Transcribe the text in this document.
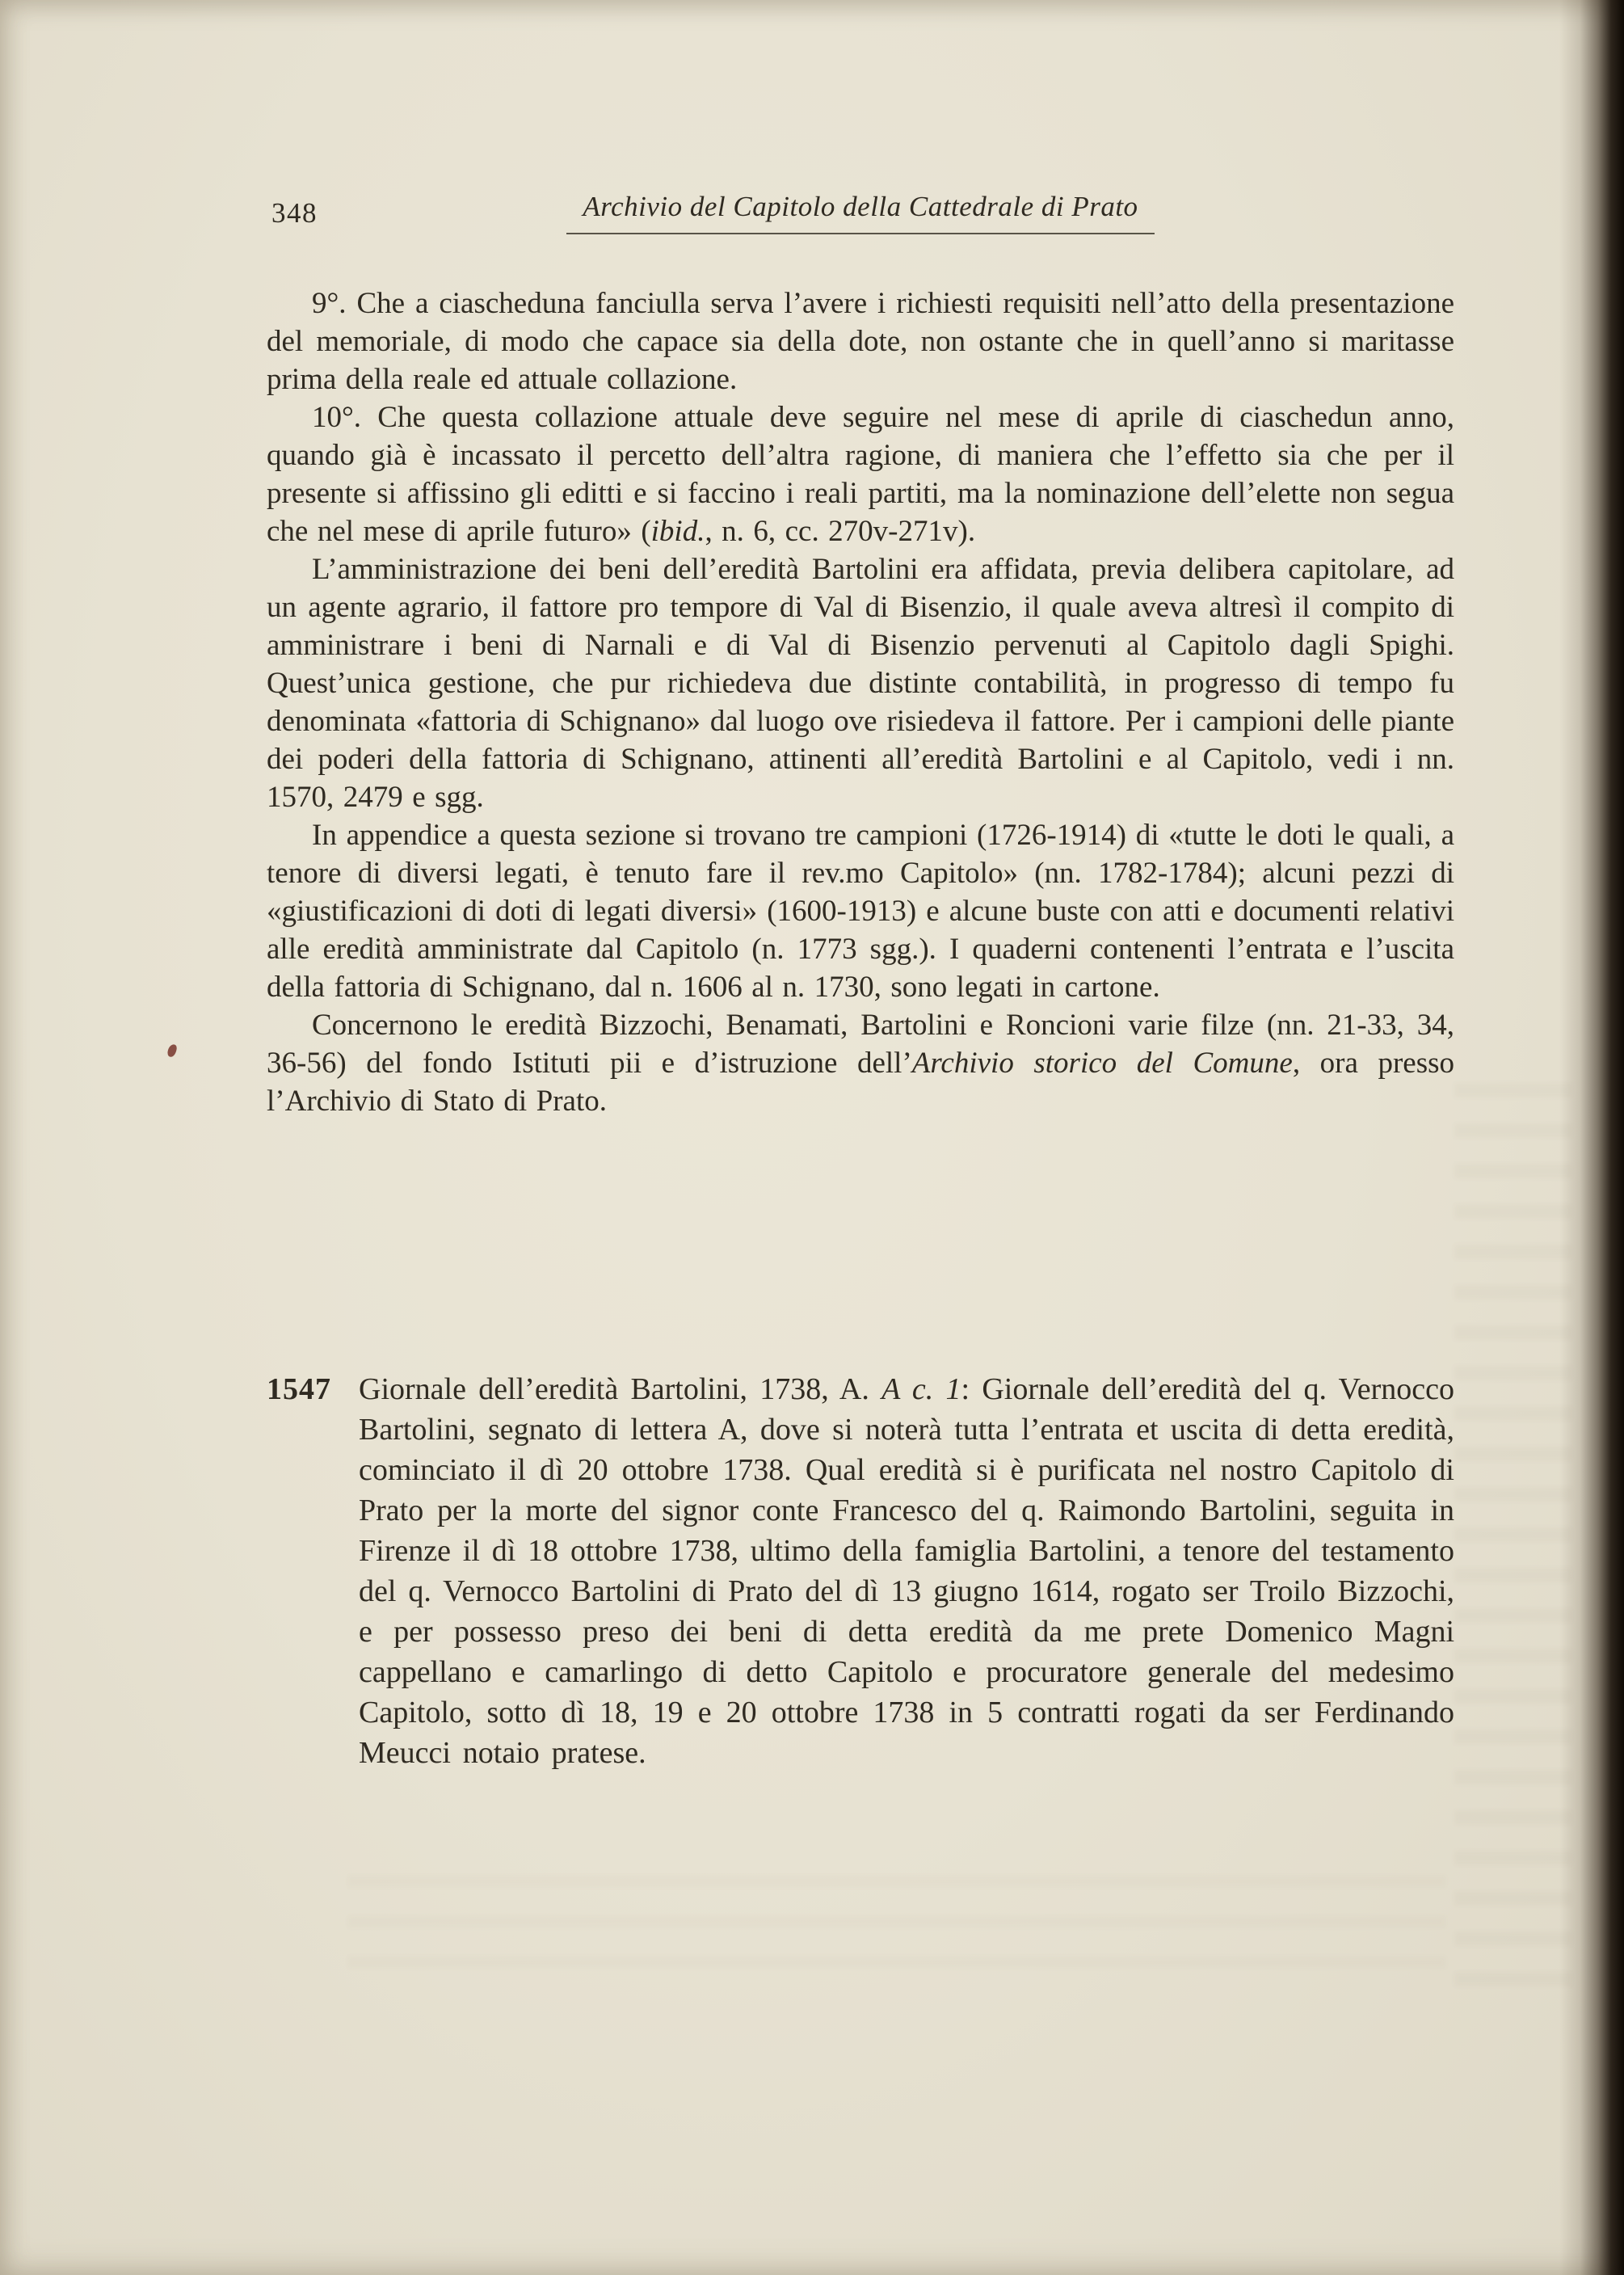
348	Archivio del Capitolo della Cattedrale di Prato

9°. Che a ciascheduna fanciulla serva l’avere i richiesti requisiti nell’atto della presentazione del memoriale, di modo che capace sia della dote, non ostante che in quell’anno si maritasse prima della reale ed attuale collazione.

10°. Che questa collazione attuale deve seguire nel mese di aprile di ciaschedun anno, quando già è incassato il percetto dell’altra ragione, di maniera che l’effetto sia che per il presente si affissino gli editti e si faccino i reali partiti, ma la nominazione dell’elette non segua che nel mese di aprile futuro» (ibid., n. 6, cc. 270v-271v).

L’amministrazione dei beni dell’eredità Bartolini era affidata, previa delibera capitolare, ad un agente agrario, il fattore pro tempore di Val di Bisenzio, il quale aveva altresì il compito di amministrare i beni di Narnali e di Val di Bisenzio pervenuti al Capitolo dagli Spighi. Quest’unica gestione, che pur richiedeva due distinte contabilità, in progresso di tempo fu denominata «fattoria di Schignano» dal luogo ove risiedeva il fattore. Per i campioni delle piante dei poderi della fattoria di Schignano, attinenti all’eredità Bartolini e al Capitolo, vedi i nn. 1570, 2479 e sgg.

In appendice a questa sezione si trovano tre campioni (1726-1914) di «tutte le doti le quali, a tenore di diversi legati, è tenuto fare il rev.mo Capitolo» (nn. 1782-1784); alcuni pezzi di «giustificazioni di doti di legati diversi» (1600-1913) e alcune buste con atti e documenti relativi alle eredità amministrate dal Capitolo (n. 1773 sgg.). I quaderni contenenti l’entrata e l’uscita della fattoria di Schignano, dal n. 1606 al n. 1730, sono legati in cartone.

Concernono le eredità Bizzochi, Benamati, Bartolini e Roncioni varie filze (nn. 21-33, 34, 36-56) del fondo Istituti pii e d’istruzione dell’Archivio storico del Comune, ora presso l’Archivio di Stato di Prato.

1547 Giornale dell’eredità Bartolini, 1738, A. A c. 1: Giornale dell’eredità del q. Vernocco Bartolini, segnato di lettera A, dove si noterà tutta l’entrata et uscita di detta eredità, cominciato il dì 20 ottobre 1738. Qual eredità si è purificata nel nostro Capitolo di Prato per la morte del signor conte Francesco del q. Raimondo Bartolini, seguita in Firenze il dì 18 ottobre 1738, ultimo della famiglia Bartolini, a tenore del testamento del q. Vernocco Bartolini di Prato del dì 13 giugno 1614, rogato ser Troilo Bizzochi, e per possesso preso dei beni di detta eredità da me prete Domenico Magni cappellano e camarlingo di detto Capitolo e procuratore generale del medesimo Capitolo, sotto dì 18, 19 e 20 ottobre 1738 in 5 contratti rogati da ser Ferdinando Meucci notaio pratese.
